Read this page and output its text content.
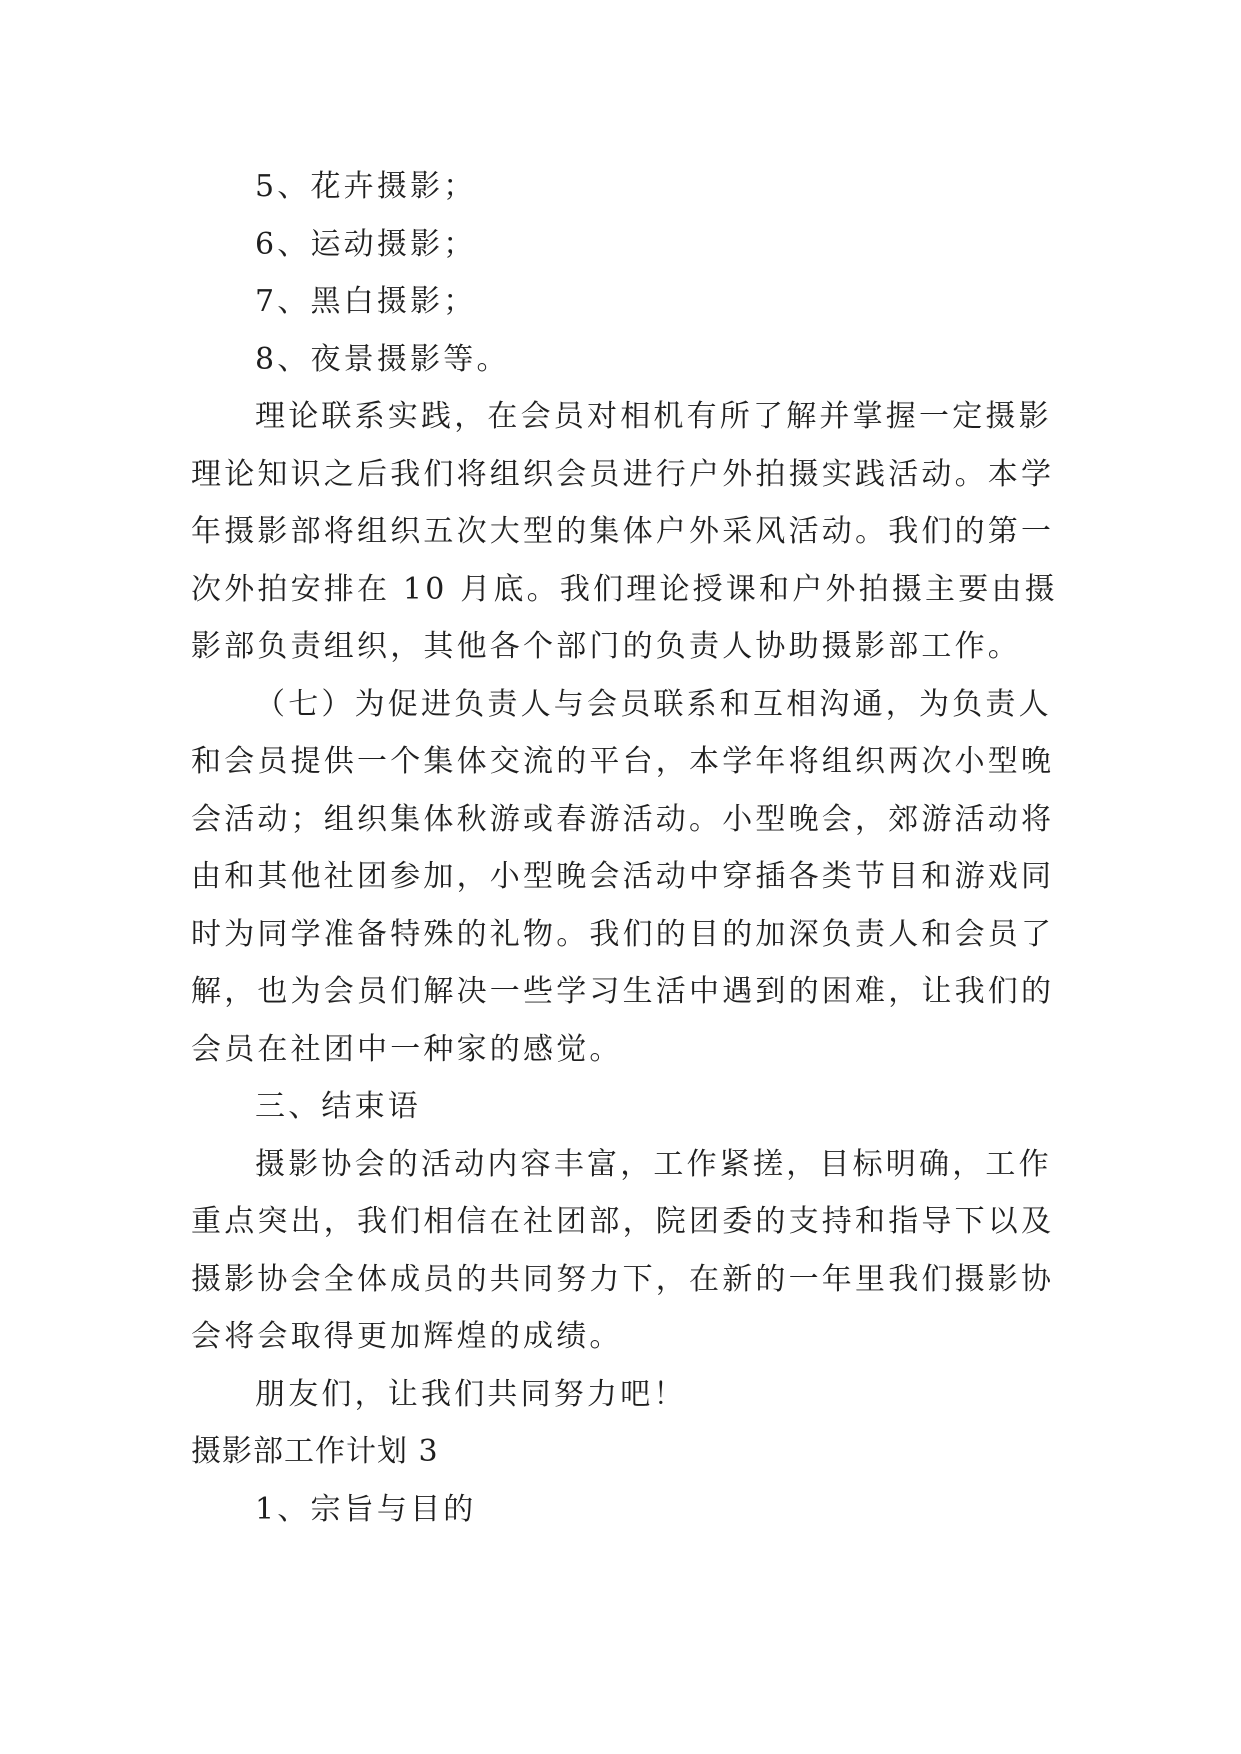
5、花卉摄影；
6、运动摄影；
7、黑白摄影；
8、夜景摄影等。
理论联系实践，在会员对相机有所了解并掌握一定摄影
理论知识之后我们将组织会员进行户外拍摄实践活动。本学
年摄影部将组织五次大型的集体户外采风活动。我们的第一
次外拍安排在 10 月底。我们理论授课和户外拍摄主要由摄
影部负责组织，其他各个部门的负责人协助摄影部工作。
（七）为促进负责人与会员联系和互相沟通，为负责人
和会员提供一个集体交流的平台，本学年将组织两次小型晚
会活动；组织集体秋游或春游活动。小型晚会，郊游活动将
由和其他社团参加，小型晚会活动中穿插各类节目和游戏同
时为同学准备特殊的礼物。我们的目的加深负责人和会员了
解，也为会员们解决一些学习生活中遇到的困难，让我们的
会员在社团中一种家的感觉。
三、结束语
摄影协会的活动内容丰富，工作紧搓，目标明确，工作
重点突出，我们相信在社团部，院团委的支持和指导下以及
摄影协会全体成员的共同努力下，在新的一年里我们摄影协
会将会取得更加辉煌的成绩。
朋友们，让我们共同努力吧！
摄影部工作计划 3
1、宗旨与目的
